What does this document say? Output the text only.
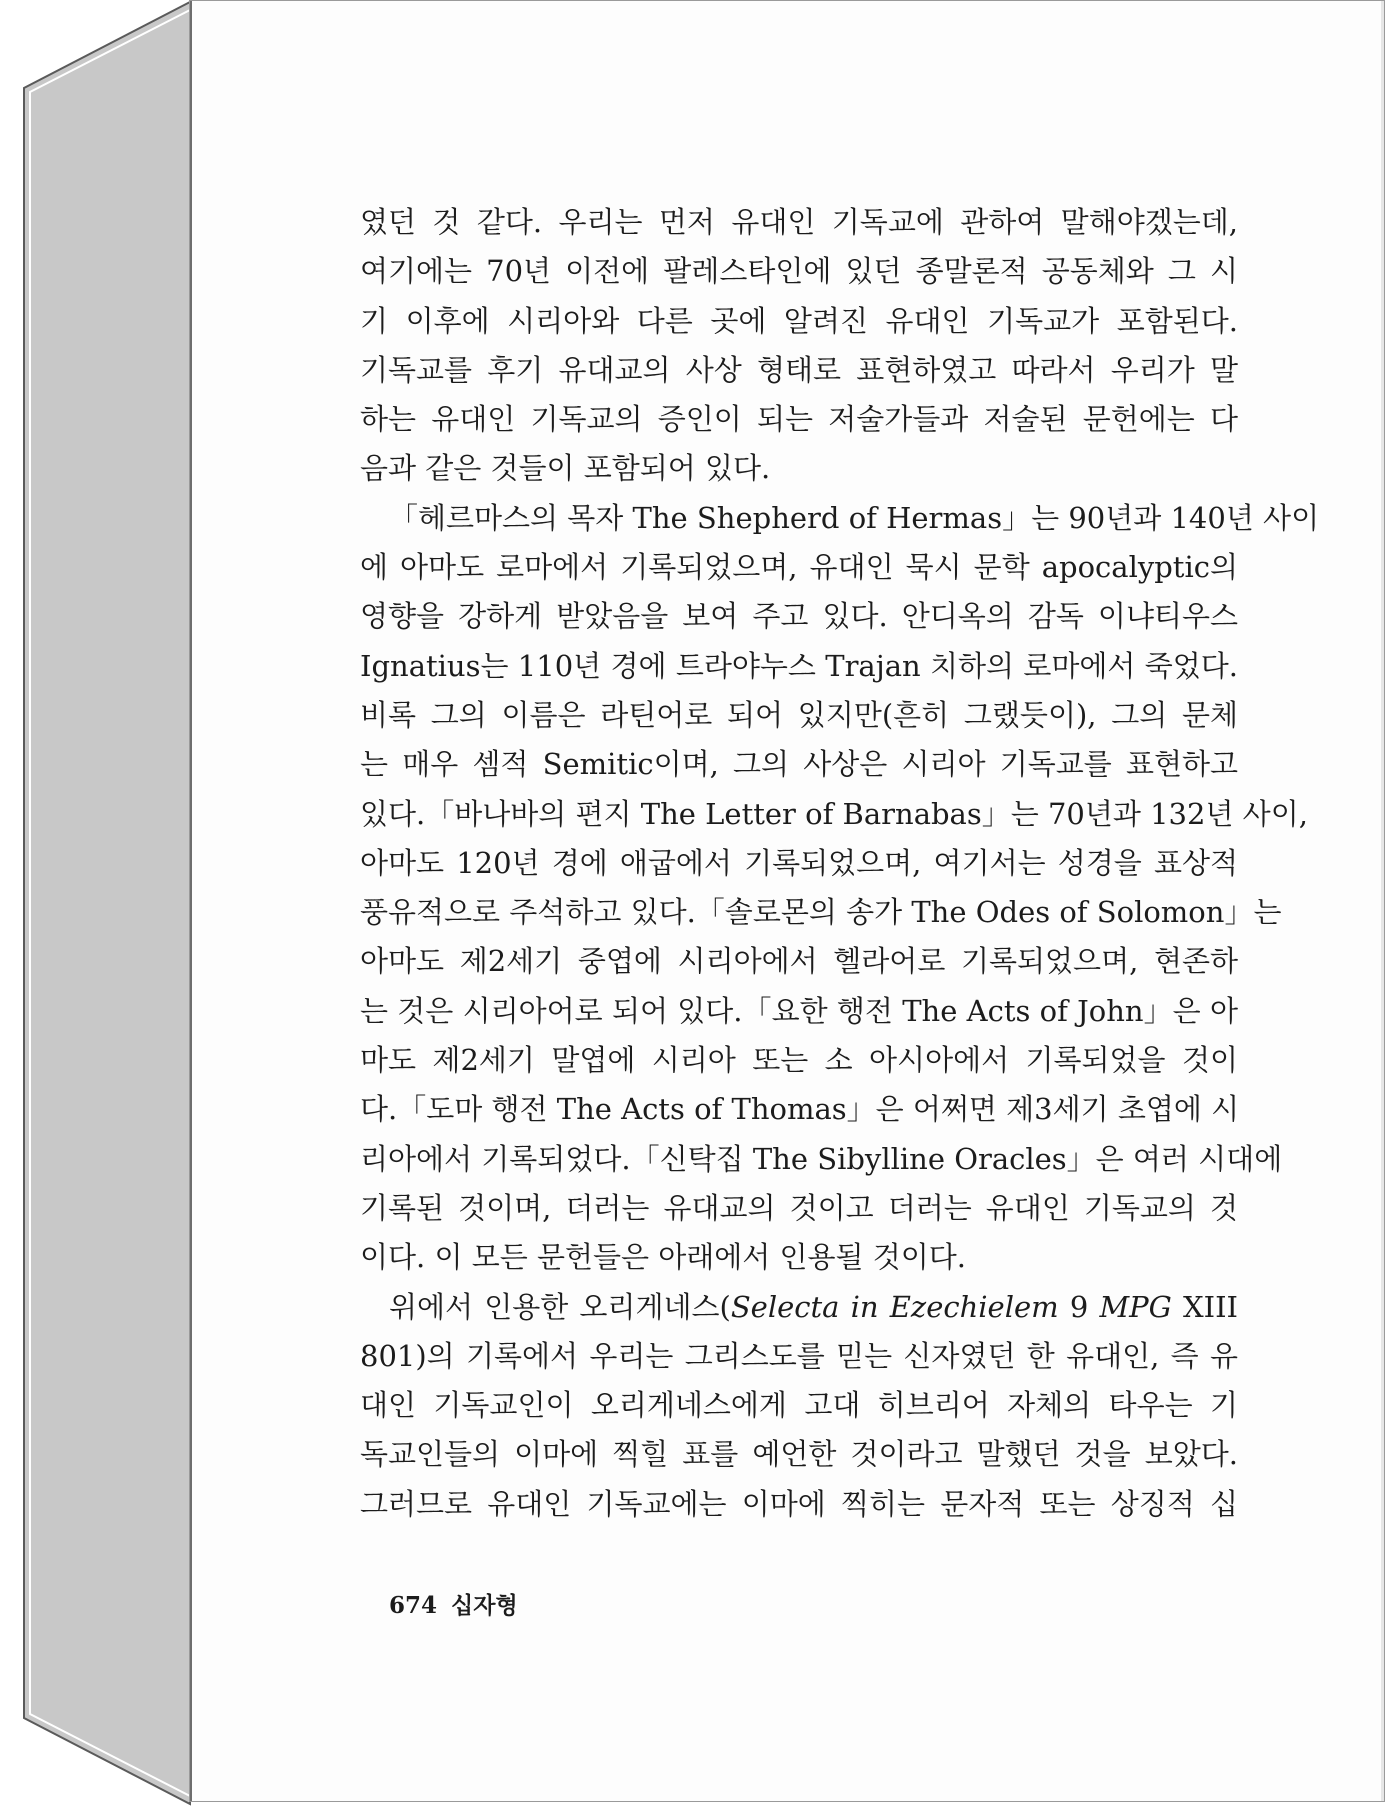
였던 것 같다. 우리는 먼저 유대인 기독교에 관하여 말해야겠는데,
여기에는 70년 이전에 팔레스타인에 있던 종말론적 공동체와 그 시
기 이후에 시리아와 다른 곳에 알려진 유대인 기독교가 포함된다.
기독교를 후기 유대교의 사상 형태로 표현하였고 따라서 우리가 말
하는 유대인 기독교의 증인이 되는 저술가들과 저술된 문헌에는 다
음과 같은 것들이 포함되어 있다.

「헤르마스의 목자 The Shepherd of Hermas」는 90년과 140년 사이
에 아마도 로마에서 기록되었으며, 유대인 묵시 문학 apocalyptic의
영향을 강하게 받았음을 보여 주고 있다. 안디옥의 감독 이냐티우스
Ignatius는 110년 경에 트라야누스 Trajan 치하의 로마에서 죽었다.
비록 그의 이름은 라틴어로 되어 있지만(흔히 그랬듯이), 그의 문체
는 매우 셈적 Semitic이며, 그의 사상은 시리아 기독교를 표현하고
있다.「바나바의 편지 The Letter of Barnabas」는 70년과 132년 사이,
아마도 120년 경에 애굽에서 기록되었으며, 여기서는 성경을 표상적
풍유적으로 주석하고 있다.「솔로몬의 송가 The Odes of Solomon」는
아마도 제2세기 중엽에 시리아에서 헬라어로 기록되었으며, 현존하
는 것은 시리아어로 되어 있다.「요한 행전 The Acts of John」은 아
마도 제2세기 말엽에 시리아 또는 소 아시아에서 기록되었을 것이
다.「도마 행전 The Acts of Thomas」은 어쩌면 제3세기 초엽에 시
리아에서 기록되었다.「신탁집 The Sibylline Oracles」은 여러 시대에
기록된 것이며, 더러는 유대교의 것이고 더러는 유대인 기독교의 것
이다. 이 모든 문헌들은 아래에서 인용될 것이다.

위에서 인용한 오리게네스(Selecta in Ezechielem 9 MPG XIII
801)의 기록에서 우리는 그리스도를 믿는 신자였던 한 유대인, 즉 유
대인 기독교인이 오리게네스에게 고대 히브리어 자체의 타우는 기
독교인들의 이마에 찍힐 표를 예언한 것이라고 말했던 것을 보았다.
그러므로 유대인 기독교에는 이마에 찍히는 문자적 또는 상징적 십

674 십자형
